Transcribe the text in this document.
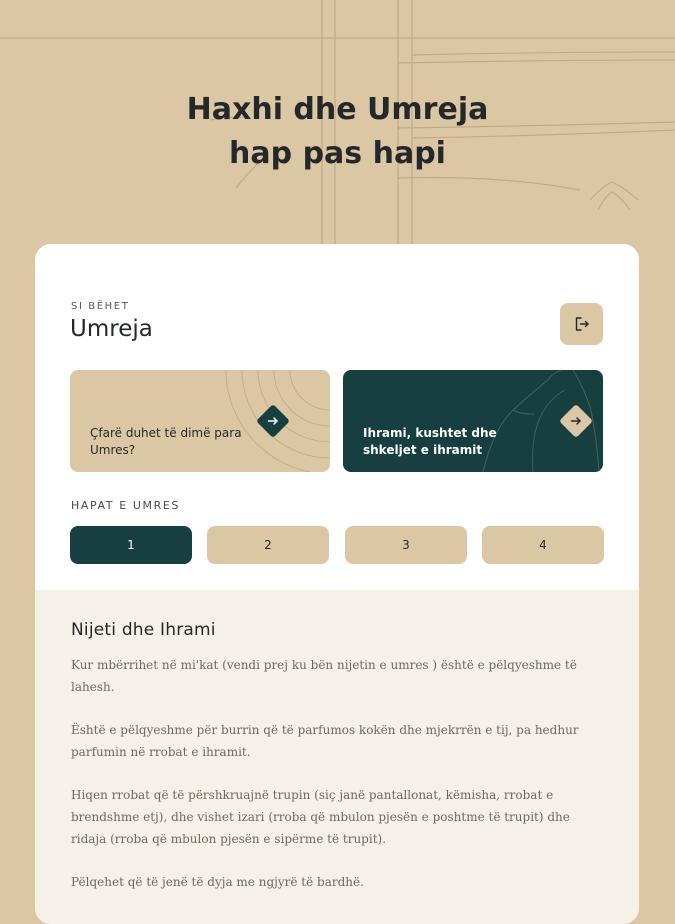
Haxhi dhe Umreja
hap pas hapi
SI BËHET
Umreja
Çfarë duhet të dimë para Umres?
Ihrami, kushtet dhe shkeljet e ihramit
HAPAT E UMRES
1	2	3	4
Nijeti dhe Ihrami

Kur mbërrihet në mi'kat (vendi prej ku bën nijetin e umres ) është e pëlqyeshme të lahesh.

Është e pëlqyeshme për burrin që të parfumos kokën dhe mjekrrën e tij, pa hedhur parfumin në rrobat e ihramit.

Hiqen rrobat që të përshkruajnë trupin (siç janë pantallonat, këmisha, rrobat e brendshme etj), dhe vishet izari (rroba që mbulon pjesën e poshtme të trupit) dhe ridaja (rroba që mbulon pjesën e sipërme të trupit).

Pëlqehet që të jenë të dyja me ngjyrë të bardhë.
